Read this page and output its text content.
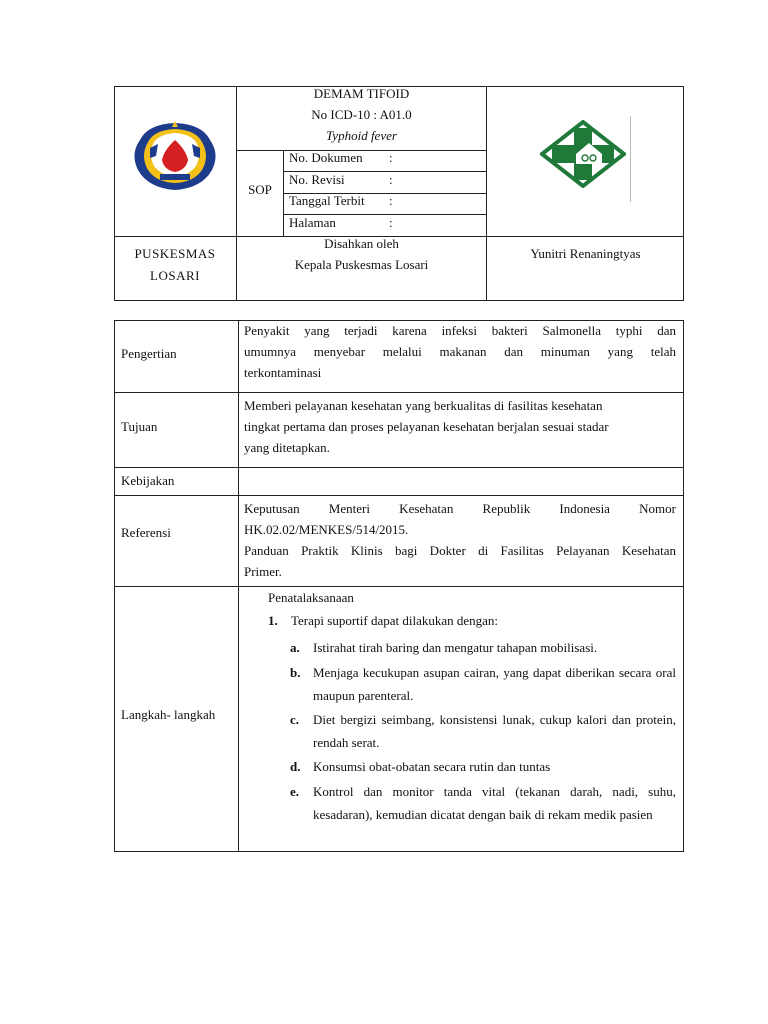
DEMAM TIFOID
No ICD-10 : A01.0
Typhoid fever
SOP
No. Dokumen :
No. Revisi	:
Tanggal Terbit :
Halaman	:
PUSKESMAS
LOSARI
Disahkan oleh
Kepala Puskesmas Losari
Yunitri Renaningtyas
Pengertian
Penyakit yang terjadi karena infeksi bakteri Salmonella typhi dan
umumnya menyebar melalui makanan dan minuman yang telah
terkontaminasi
Tujuan
Memberi pelayanan kesehatan yang berkualitas di fasilitas kesehatan
tingkat pertama dan proses pelayanan kesehatan berjalan sesuai stadar
yang ditetapkan.
Kebijakan
Referensi
Keputusan Menteri Kesehatan Republik Indonesia Nomor
HK.02.02/MENKES/514/2015.
Panduan Praktik Klinis bagi Dokter di Fasilitas Pelayanan Kesehatan
Primer.
Langkah- langkah
Penatalaksanaan
1. Terapi suportif dapat dilakukan dengan:
a. Istirahat tirah baring dan mengatur tahapan mobilisasi.
b. Menjaga kecukupan asupan cairan, yang dapat diberikan secara oral maupun parenteral.
c. Diet bergizi seimbang, konsistensi lunak, cukup kalori dan protein, rendah serat.
d. Konsumsi obat-obatan secara rutin dan tuntas
e. Kontrol dan monitor tanda vital (tekanan darah, nadi, suhu, kesadaran), kemudian dicatat dengan baik di rekam medik pasien
